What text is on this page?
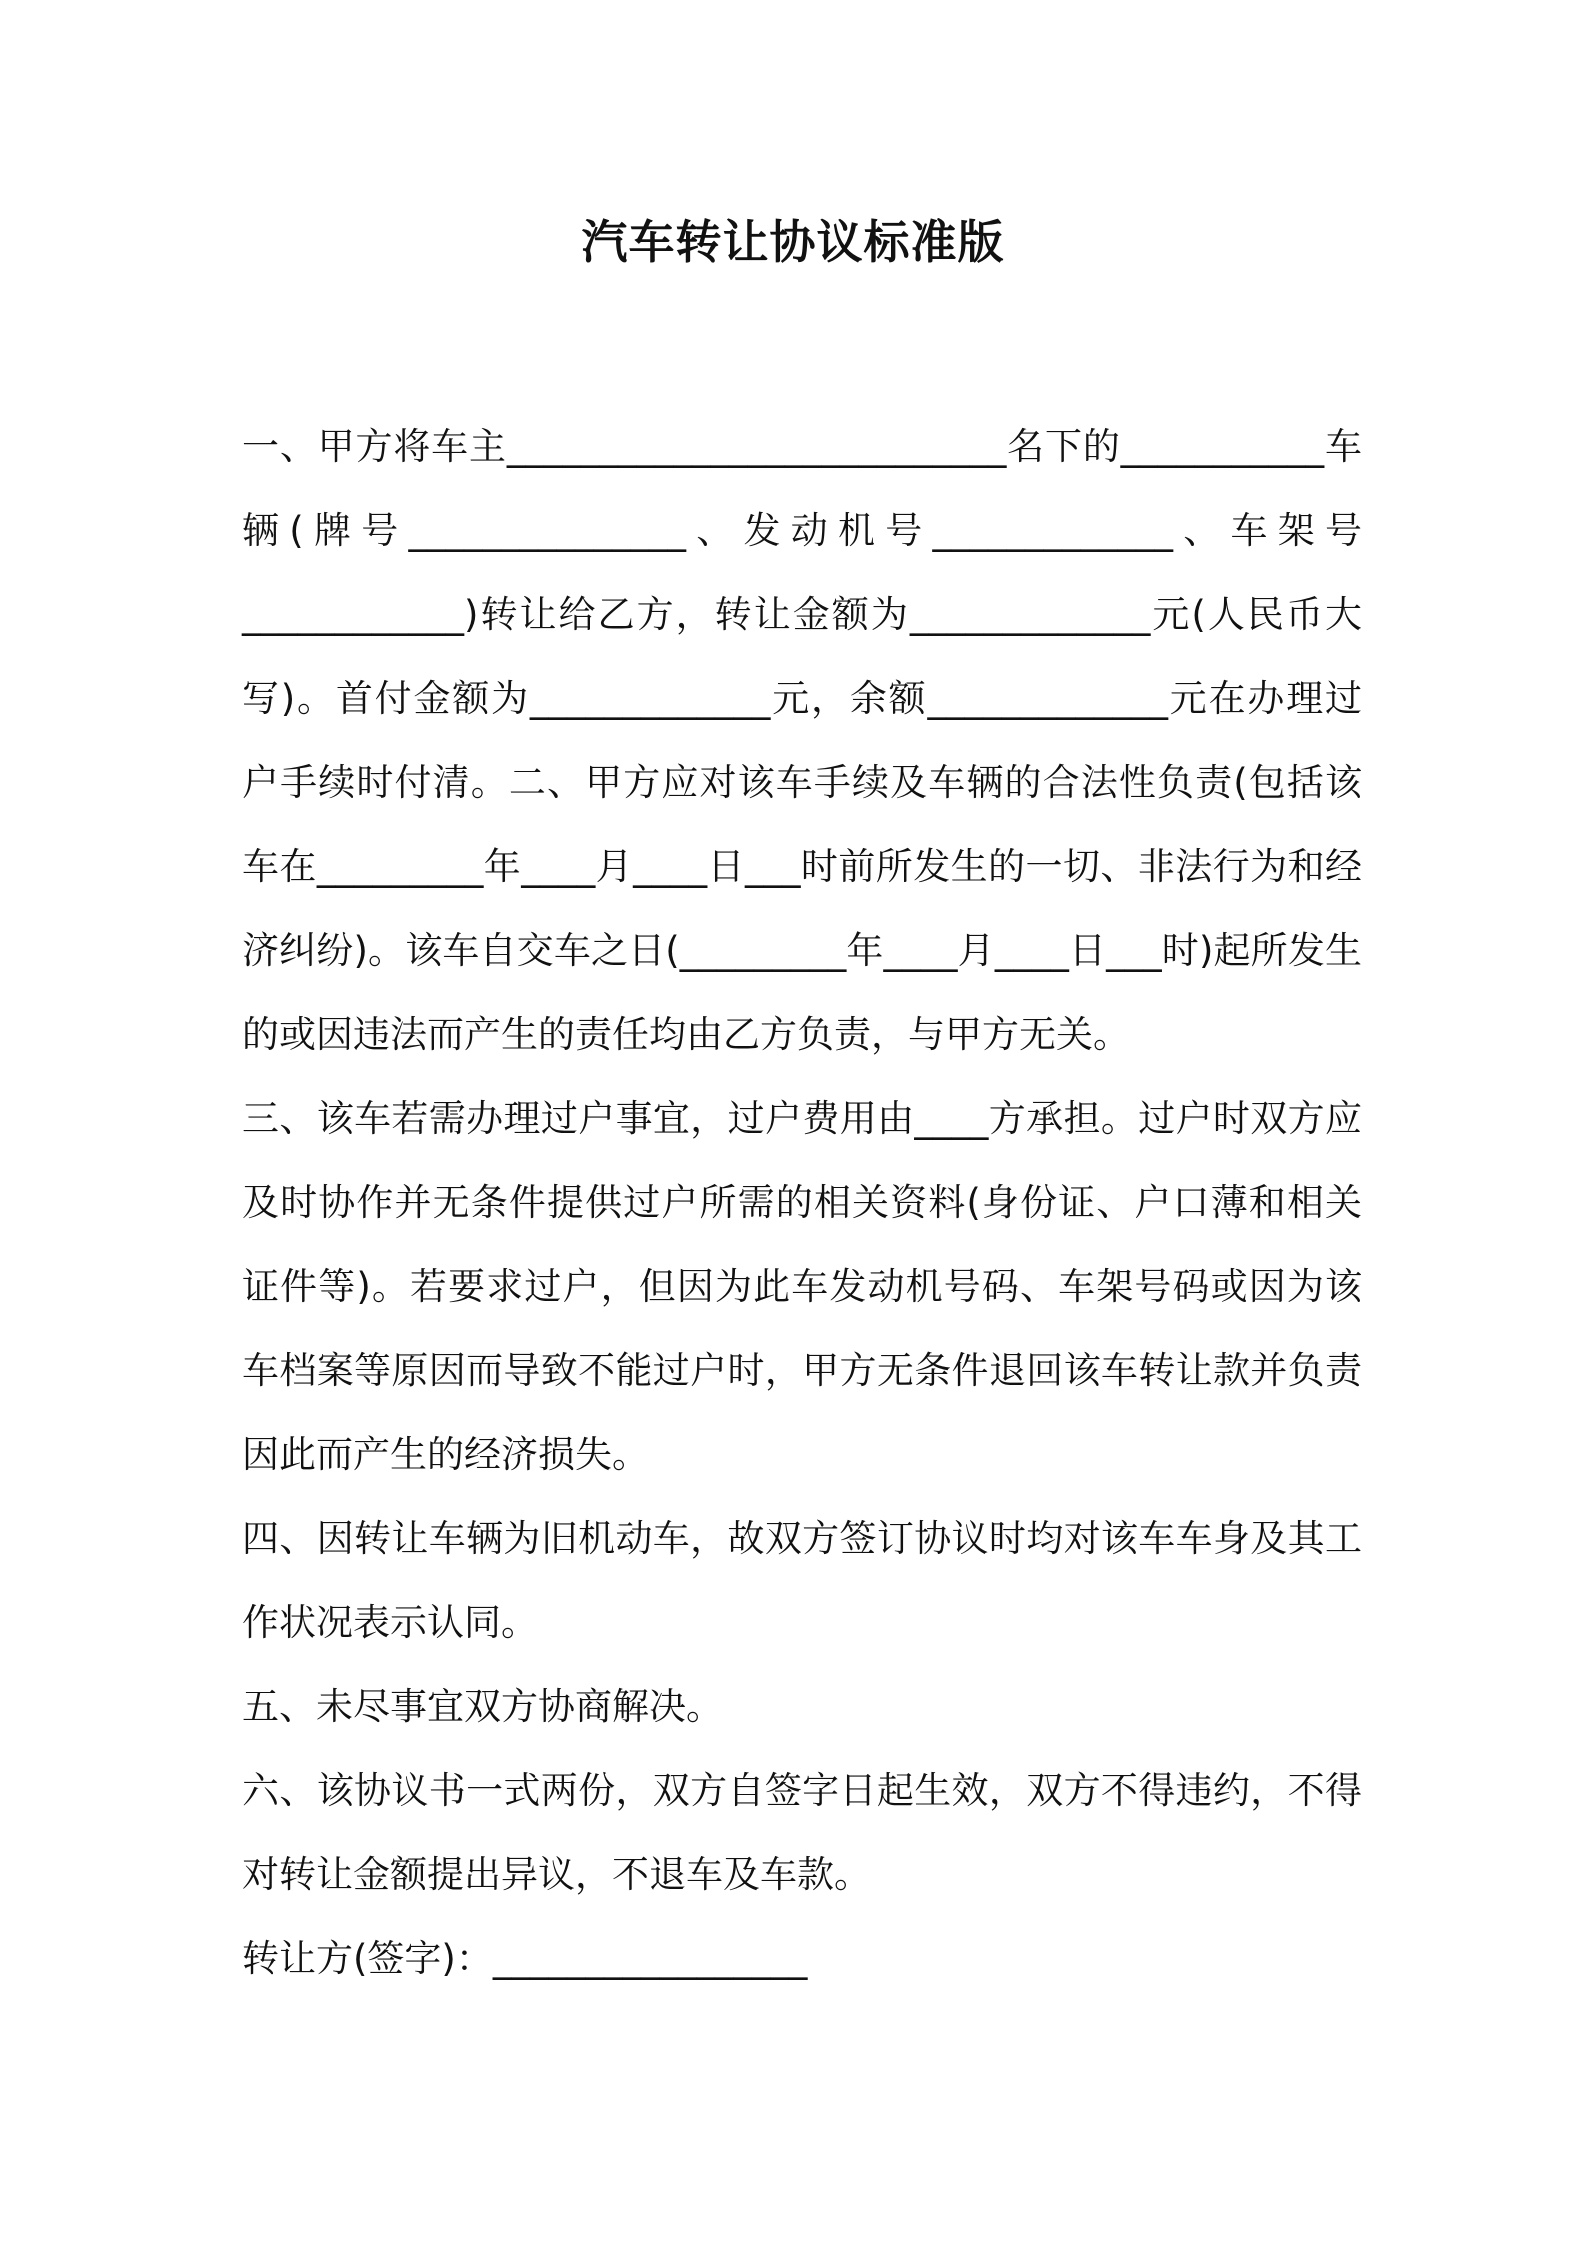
汽车转让协议标准版

一、甲方将车主___________________________名下的___________车辆(牌号_______________、发动机号_____________、车架号____________)转让给乙方，转让金额为_____________元(人民币大写)。首付金额为_____________元，余额_____________元在办理过户手续时付清。二、甲方应对该车手续及车辆的合法性负责(包括该车在_________年____月____日___时前所发生的一切、非法行为和经济纠纷)。该车自交车之日(_________年____月____日___时)起所发生的或因违法而产生的责任均由乙方负责，与甲方无关。

三、该车若需办理过户事宜，过户费用由____方承担。过户时双方应及时协作并无条件提供过户所需的相关资料(身份证、户口薄和相关证件等)。若要求过户，但因为此车发动机号码、车架号码或因为该车档案等原因而导致不能过户时，甲方无条件退回该车转让款并负责因此而产生的经济损失。

四、因转让车辆为旧机动车，故双方签订协议时均对该车车身及其工作状况表示认同。

五、未尽事宜双方协商解决。

六、该协议书一式两份，双方自签字日起生效，双方不得违约，不得对转让金额提出异议，不退车及车款。

转让方(签字)：_________________
